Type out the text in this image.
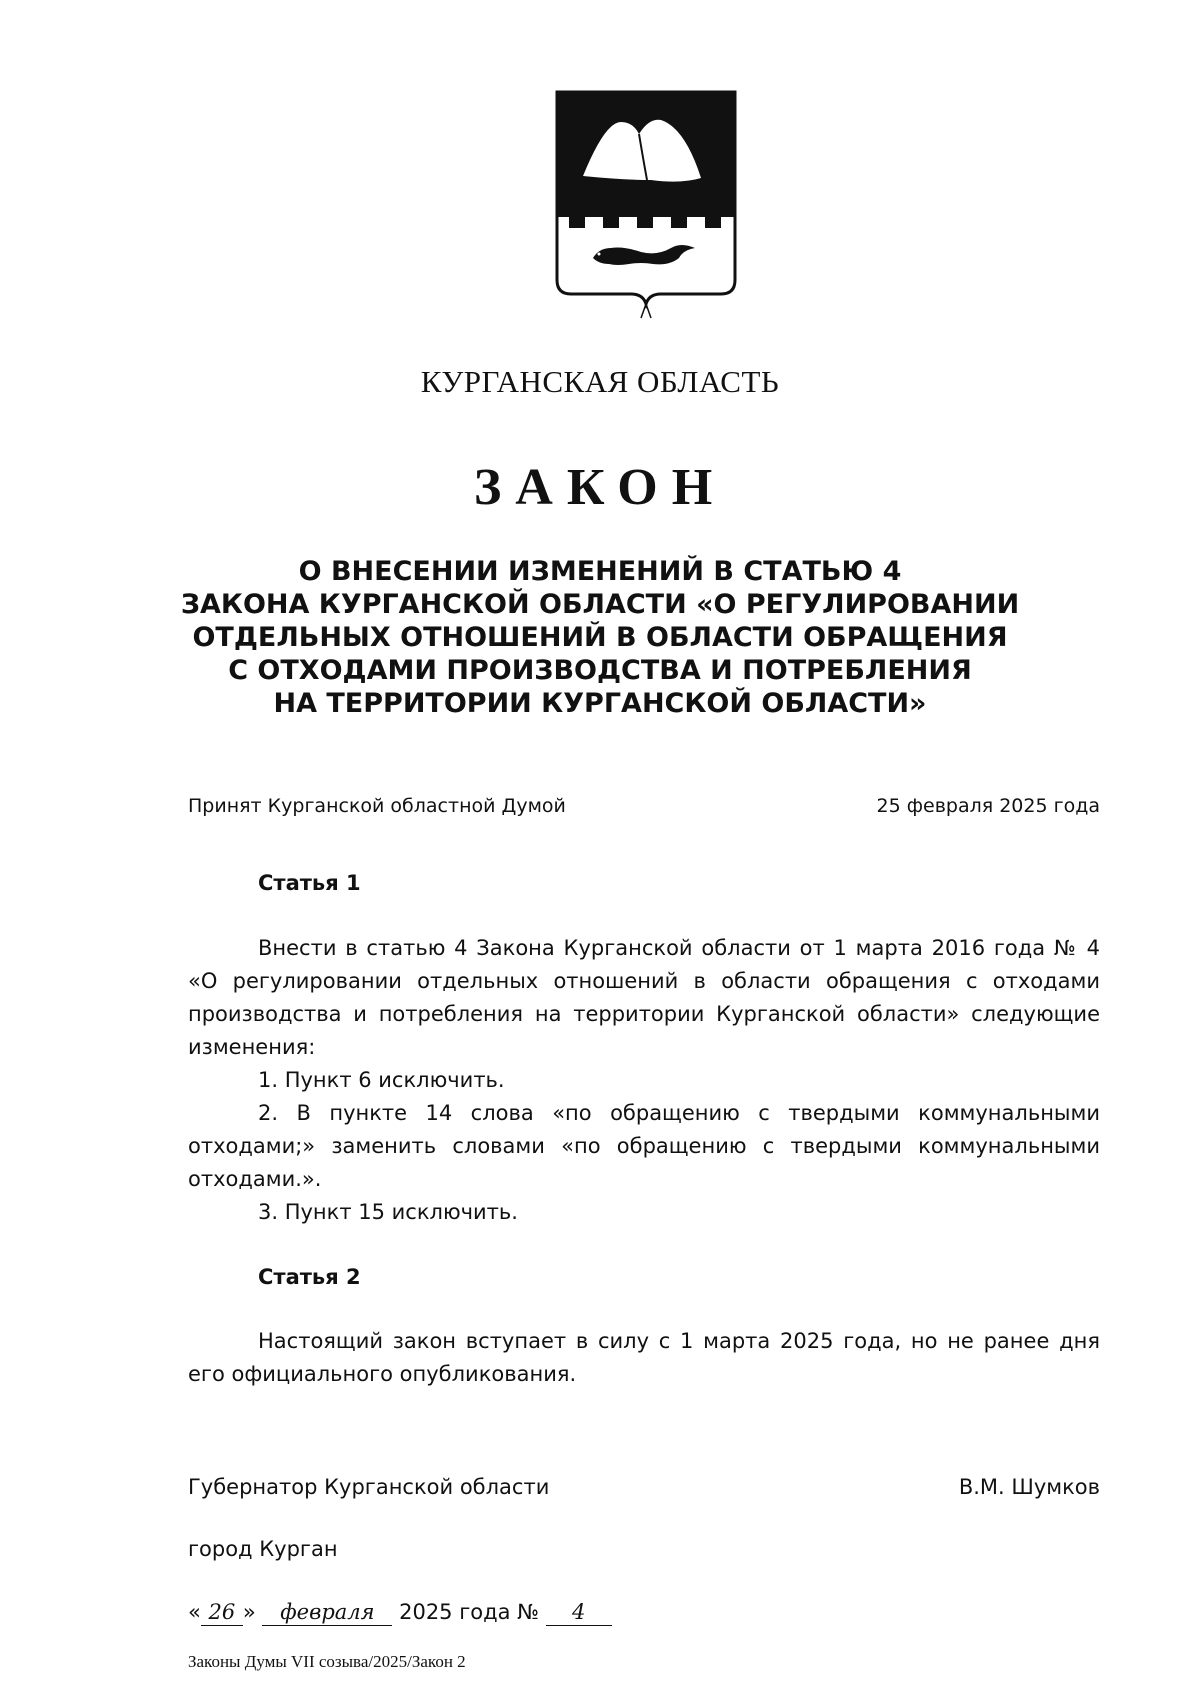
КУРГАНСКАЯ ОБЛАСТЬ
ЗАКОН
О ВНЕСЕНИИ ИЗМЕНЕНИЙ В СТАТЬЮ 4
ЗАКОНА КУРГАНСКОЙ ОБЛАСТИ «О РЕГУЛИРОВАНИИ
ОТДЕЛЬНЫХ ОТНОШЕНИЙ В ОБЛАСТИ ОБРАЩЕНИЯ
С ОТХОДАМИ ПРОИЗВОДСТВА И ПОТРЕБЛЕНИЯ
НА ТЕРРИТОРИИ КУРГАНСКОЙ ОБЛАСТИ»
Принят Курганской областной Думой	25 февраля 2025 года
Статья 1

Внести в статью 4 Закона Курганской области от 1 марта 2016 года № 4 «О регулировании отдельных отношений в области обращения с отходами производства и потребления на территории Курганской области» следующие изменения:

1. Пункт 6 исключить.

2. В пункте 14 слова «по обращению с твердыми коммунальными отходами;» заменить словами «по обращению с твердыми коммунальными отходами.».

3. Пункт 15 исключить.

Статья 2

Настоящий закон вступает в силу с 1 марта 2025 года, но не ранее дня его официального опубликования.

Губернатор Курганской области	В.М. Шумков
город Курган
« 26 » февраля 2025 года № 4
Законы Думы VII созыва/2025/Закон 2
